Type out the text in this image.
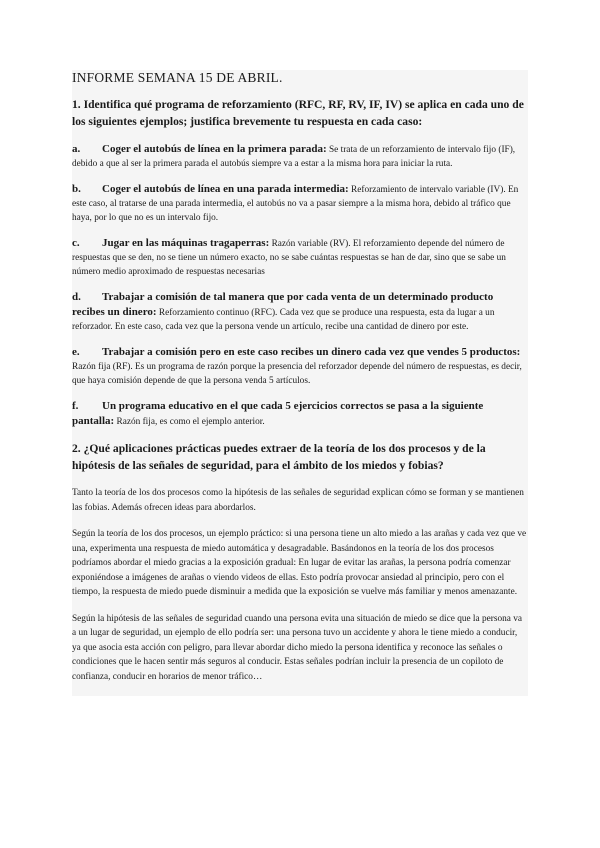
INFORME SEMANA 15 DE ABRIL.

1. Identifica qué programa de reforzamiento (RFC, RF, RV, IF, IV) se aplica en cada uno de los siguientes ejemplos; justifica brevemente tu respuesta en cada caso:

a. Coger el autobús de línea en la primera parada: Se trata de un reforzamiento de intervalo fijo (IF), debido a que al ser la primera parada el autobús siempre va a estar a la misma hora para iniciar la ruta.

b. Coger el autobús de línea en una parada intermedia: Reforzamiento de intervalo variable (IV). En este caso, al tratarse de una parada intermedia, el autobús no va a pasar siempre a la misma hora, debido al tráfico que haya, por lo que no es un intervalo fijo.

c. Jugar en las máquinas tragaperras: Razón variable (RV). El reforzamiento depende del número de respuestas que se den, no se tiene un número exacto, no se sabe cuántas respuestas se han de dar, sino que se sabe un número medio aproximado de respuestas necesarias

d. Trabajar a comisión de tal manera que por cada venta de un determinado producto recibes un dinero: Reforzamiento continuo (RFC). Cada vez que se produce una respuesta, esta da lugar a un reforzador. En este caso, cada vez que la persona vende un artículo, recibe una cantidad de dinero por este.

e. Trabajar a comisión pero en este caso recibes un dinero cada vez que vendes 5 productos: Razón fija (RF). Es un programa de razón porque la presencia del reforzador depende del número de respuestas, es decir, que haya comisión depende de que la persona venda 5 artículos.

f. Un programa educativo en el que cada 5 ejercicios correctos se pasa a la siguiente pantalla: Razón fija, es como el ejemplo anterior.

2. ¿Qué aplicaciones prácticas puedes extraer de la teoría de los dos procesos y de la hipótesis de las señales de seguridad, para el ámbito de los miedos y fobias?

Tanto la teoría de los dos procesos como la hipótesis de las señales de seguridad explican cómo se forman y se mantienen las fobias. Además ofrecen ideas para abordarlos.

Según la teoría de los dos procesos, un ejemplo práctico: si una persona tiene un alto miedo a las arañas y cada vez que ve una, experimenta una respuesta de miedo automática y desagradable. Basándonos en la teoría de los dos procesos podríamos abordar el miedo gracias a la exposición gradual: En lugar de evitar las arañas, la persona podría comenzar exponiéndose a imágenes de arañas o viendo videos de ellas. Esto podría provocar ansiedad al principio, pero con el tiempo, la respuesta de miedo puede disminuir a medida que la exposición se vuelve más familiar y menos amenazante.

Según la hipótesis de las señales de seguridad cuando una persona evita una situación de miedo se dice que la persona va a un lugar de seguridad, un ejemplo de ello podría ser: una persona tuvo un accidente y ahora le tiene miedo a conducir, ya que asocia esta acción con peligro, para llevar abordar dicho miedo la persona identifica y reconoce las señales o condiciones que le hacen sentir más seguros al conducir. Estas señales podrían incluir la presencia de un copiloto de confianza, conducir en horarios de menor tráfico…
